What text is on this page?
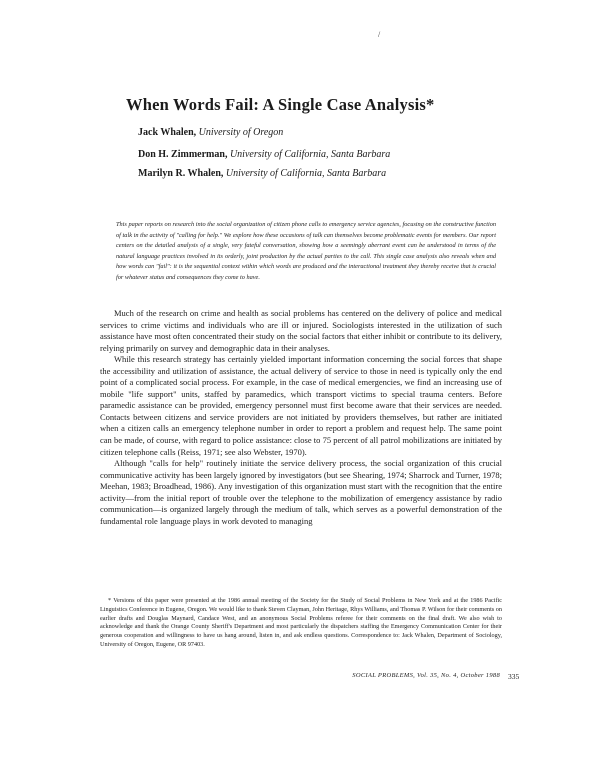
/
When Words Fail: A Single Case Analysis*
Jack Whalen, University of Oregon
Don H. Zimmerman, University of California, Santa Barbara
Marilyn R. Whalen, University of California, Santa Barbara
This paper reports on research into the social organization of citizen phone calls to emergency service agencies, focusing on the constructive function of talk in the activity of "calling for help." We explore how these occasions of talk can themselves become problematic events for members. Our report centers on the detailed analysis of a single, very fateful conversation, showing how a seemingly aberrant event can be understood in terms of the natural language practices involved in its orderly, joint production by the actual parties to the call. This single case analysis also reveals when and how words can "fail": it is the sequential context within which words are produced and the interactional treatment they thereby receive that is crucial for whatever status and consequences they come to have.

Much of the research on crime and health as social problems has centered on the delivery of police and medical services to crime victims and individuals who are ill or injured. Sociologists interested in the utilization of such assistance have most often concentrated their study on the social factors that either inhibit or contribute to its delivery, relying primarily on survey and demographic data in their analyses.

While this research strategy has certainly yielded important information concerning the social forces that shape the accessibility and utilization of assistance, the actual delivery of service to those in need is typically only the end point of a complicated social process. For example, in the case of medical emergencies, we find an increasing use of mobile "life support" units, staffed by paramedics, which transport victims to special trauma centers. Before paramedic assistance can be provided, emergency personnel must first become aware that their services are needed. Contacts between citizens and service providers are not initiated by providers themselves, but rather are initiated when a citizen calls an emergency telephone number in order to report a problem and request help. The same point can be made, of course, with regard to police assistance: close to 75 percent of all patrol mobilizations are initiated by citizen telephone calls (Reiss, 1971; see also Webster, 1970).

Although "calls for help" routinely initiate the service delivery process, the social organization of this crucial communicative activity has been largely ignored by investigators (but see Shearing, 1974; Sharrock and Turner, 1978; Meehan, 1983; Broadhead, 1986). Any investigation of this organization must start with the recognition that the entire activity—from the initial report of trouble over the telephone to the mobilization of emergency assistance by radio communication—is organized largely through the medium of talk, which serves as a powerful demonstration of the fundamental role language plays in work devoted to managing

* Versions of this paper were presented at the 1986 annual meeting of the Society for the Study of Social Problems in New York and at the 1986 Pacific Linguistics Conference in Eugene, Oregon. We would like to thank Steven Clayman, John Heritage, Rhys Williams, and Thomas P. Wilson for their comments on earlier drafts and Douglas Maynard, Candace West, and an anonymous Social Problems referee for their comments on the final draft. We also wish to acknowledge and thank the Orange County Sheriff's Department and most particularly the dispatchers staffing the Emergency Communication Center for their generous cooperation and willingness to have us hang around, listen in, and ask endless questions. Correspondence to: Jack Whalen, Department of Sociology, University of Oregon, Eugene, OR 97403.

SOCIAL PROBLEMS, Vol. 35, No. 4, October 1988 335
